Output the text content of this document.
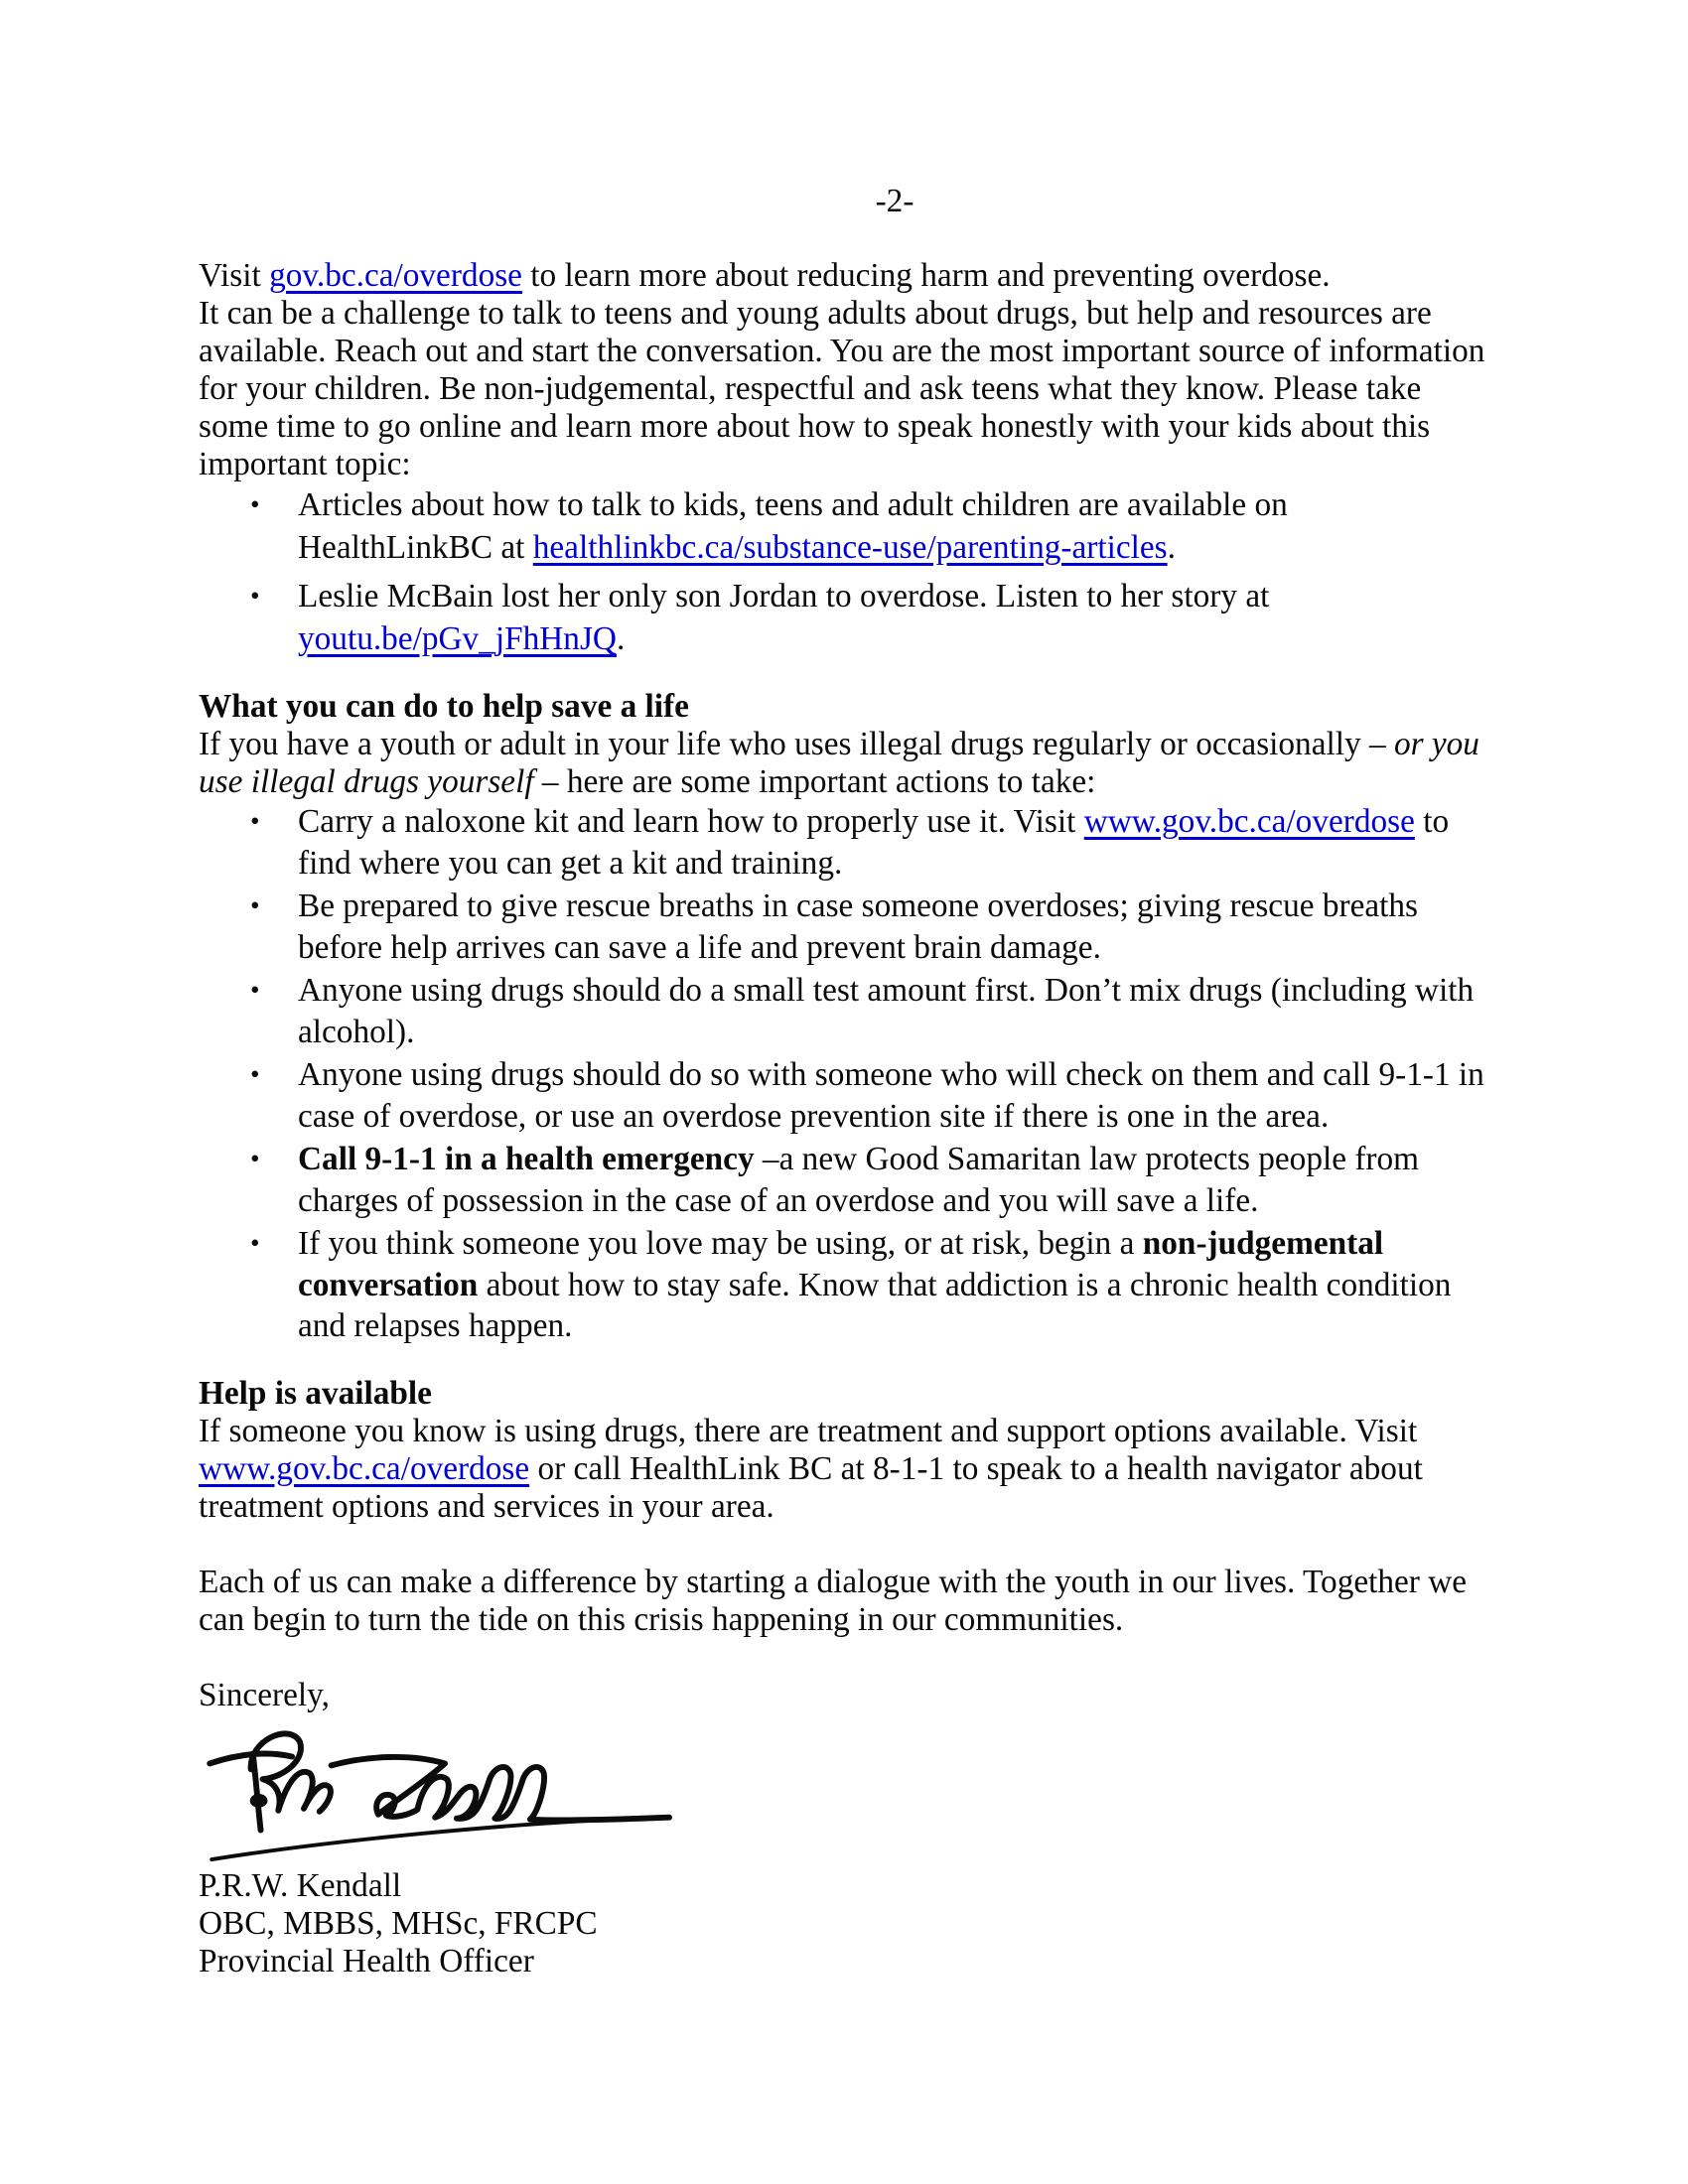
-2-

Visit gov.bc.ca/overdose to learn more about reducing harm and preventing overdose.

It can be a challenge to talk to teens and young adults about drugs, but help and resources are available. Reach out and start the conversation. You are the most important source of information for your children. Be non-judgemental, respectful and ask teens what they know. Please take some time to go online and learn more about how to speak honestly with your kids about this important topic:

• Articles about how to talk to kids, teens and adult children are available on HealthLinkBC at healthlinkbc.ca/substance-use/parenting-articles.
• Leslie McBain lost her only son Jordan to overdose. Listen to her story at youtu.be/pGv_jFhHnJQ.
What you can do to help save a life

If you have a youth or adult in your life who uses illegal drugs regularly or occasionally – or you use illegal drugs yourself – here are some important actions to take:

• Carry a naloxone kit and learn how to properly use it. Visit www.gov.bc.ca/overdose to find where you can get a kit and training.
• Be prepared to give rescue breaths in case someone overdoses; giving rescue breaths before help arrives can save a life and prevent brain damage.
• Anyone using drugs should do a small test amount first. Don’t mix drugs (including with alcohol).
• Anyone using drugs should do so with someone who will check on them and call 9-1-1 in case of overdose, or use an overdose prevention site if there is one in the area.
• Call 9-1-1 in a health emergency –a new Good Samaritan law protects people from charges of possession in the case of an overdose and you will save a life.
• If you think someone you love may be using, or at risk, begin a non-judgemental conversation about how to stay safe. Know that addiction is a chronic health condition and relapses happen.
Help is available

If someone you know is using drugs, there are treatment and support options available. Visit www.gov.bc.ca/overdose or call HealthLink BC at 8-1-1 to speak to a health navigator about treatment options and services in your area.

Each of us can make a difference by starting a dialogue with the youth in our lives. Together we can begin to turn the tide on this crisis happening in our communities.

Sincerely,

P.R.W. Kendall

OBC, MBBS, MHSc, FRCPC

Provincial Health Officer
